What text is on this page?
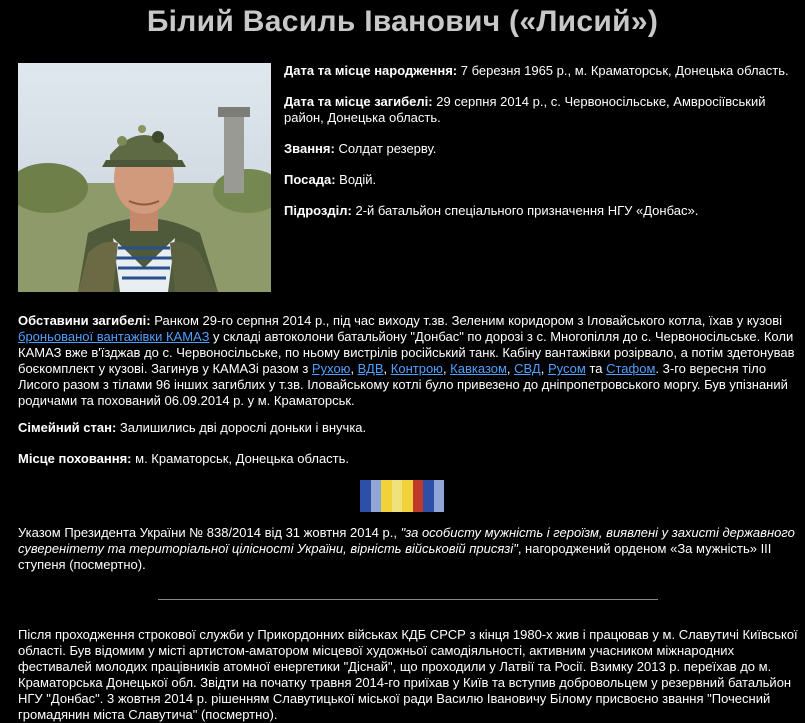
Білий Василь Іванович («Лисий»)

Дата та місце народження: 7 березня 1965 р., м. Краматорськ, Донецька область.

Дата та місце загибелі: 29 серпня 2014 р., с. Червоносільське, Амвросіївський район, Донецька область.

Звання: Солдат резерву.

Посада: Водій.

Підрозділ: 2-й батальйон спеціального призначення НГУ «Донбас».

Обставини загибелі: Ранком 29-го серпня 2014 р., під час виходу т.зв. Зеленим коридором з Іловайського котла, їхав у кузові броньованої вантажівки КАМАЗ у складі автоколони батальйону "Донбас" по дорозі з с. Многопілля до с. Червоносільське. Коли КАМАЗ вже в'їзджав до с. Червоносільське, по ньому вистрілів російський танк. Кабіну вантажівки розірвало, а потім здетонував боєкомплект у кузові. Загинув у КАМАЗі разом з Рухою, ВДВ, Контрою, Кавказом, СВД, Русом та Стафом. 3-го вересня тіло Лисого разом з тілами 96 інших загиблих у т.зв. Іловайському котлі було привезено до дніпропетровського моргу. Був упізнаний родичами та похований 06.09.2014 р. у м. Краматорськ.

Сімейний стан: Залишились дві дорослі доньки і внучка.

Місце поховання: м. Краматорськ, Донецька область.

Указом Президента України № 838/2014 від 31 жовтня 2014 р., "за особисту мужність і героїзм, виявлені у захисті державного суверенітету та територіальної цілісності України, вірність військовій присязі", нагороджений орденом «За мужність» ІІІ ступеня (посмертно).

Після проходження строкової служби у Прикордонних військах КДБ СРСР з кінця 1980-х жив і працював у м. Славутичі Київської області. Був відомим у місті артистом-аматором місцевої художньої самодіяльності, активним учасником міжнародних фестивалей молодих працівників атомної енергетики "Діснай", що проходили у Латвії та Росії. Взимку 2013 р. переїхав до м. Краматорська Донецької обл. Звідти на початку травня 2014-го приїхав у Київ та вступив добровольцем у резервний батальйон НГУ "Донбас". 3 жовтня 2014 р. рішенням Славутицької міської ради Василю Івановичу Білому присвоєно звання "Почесний громадянин міста Славутича" (посмертно).
